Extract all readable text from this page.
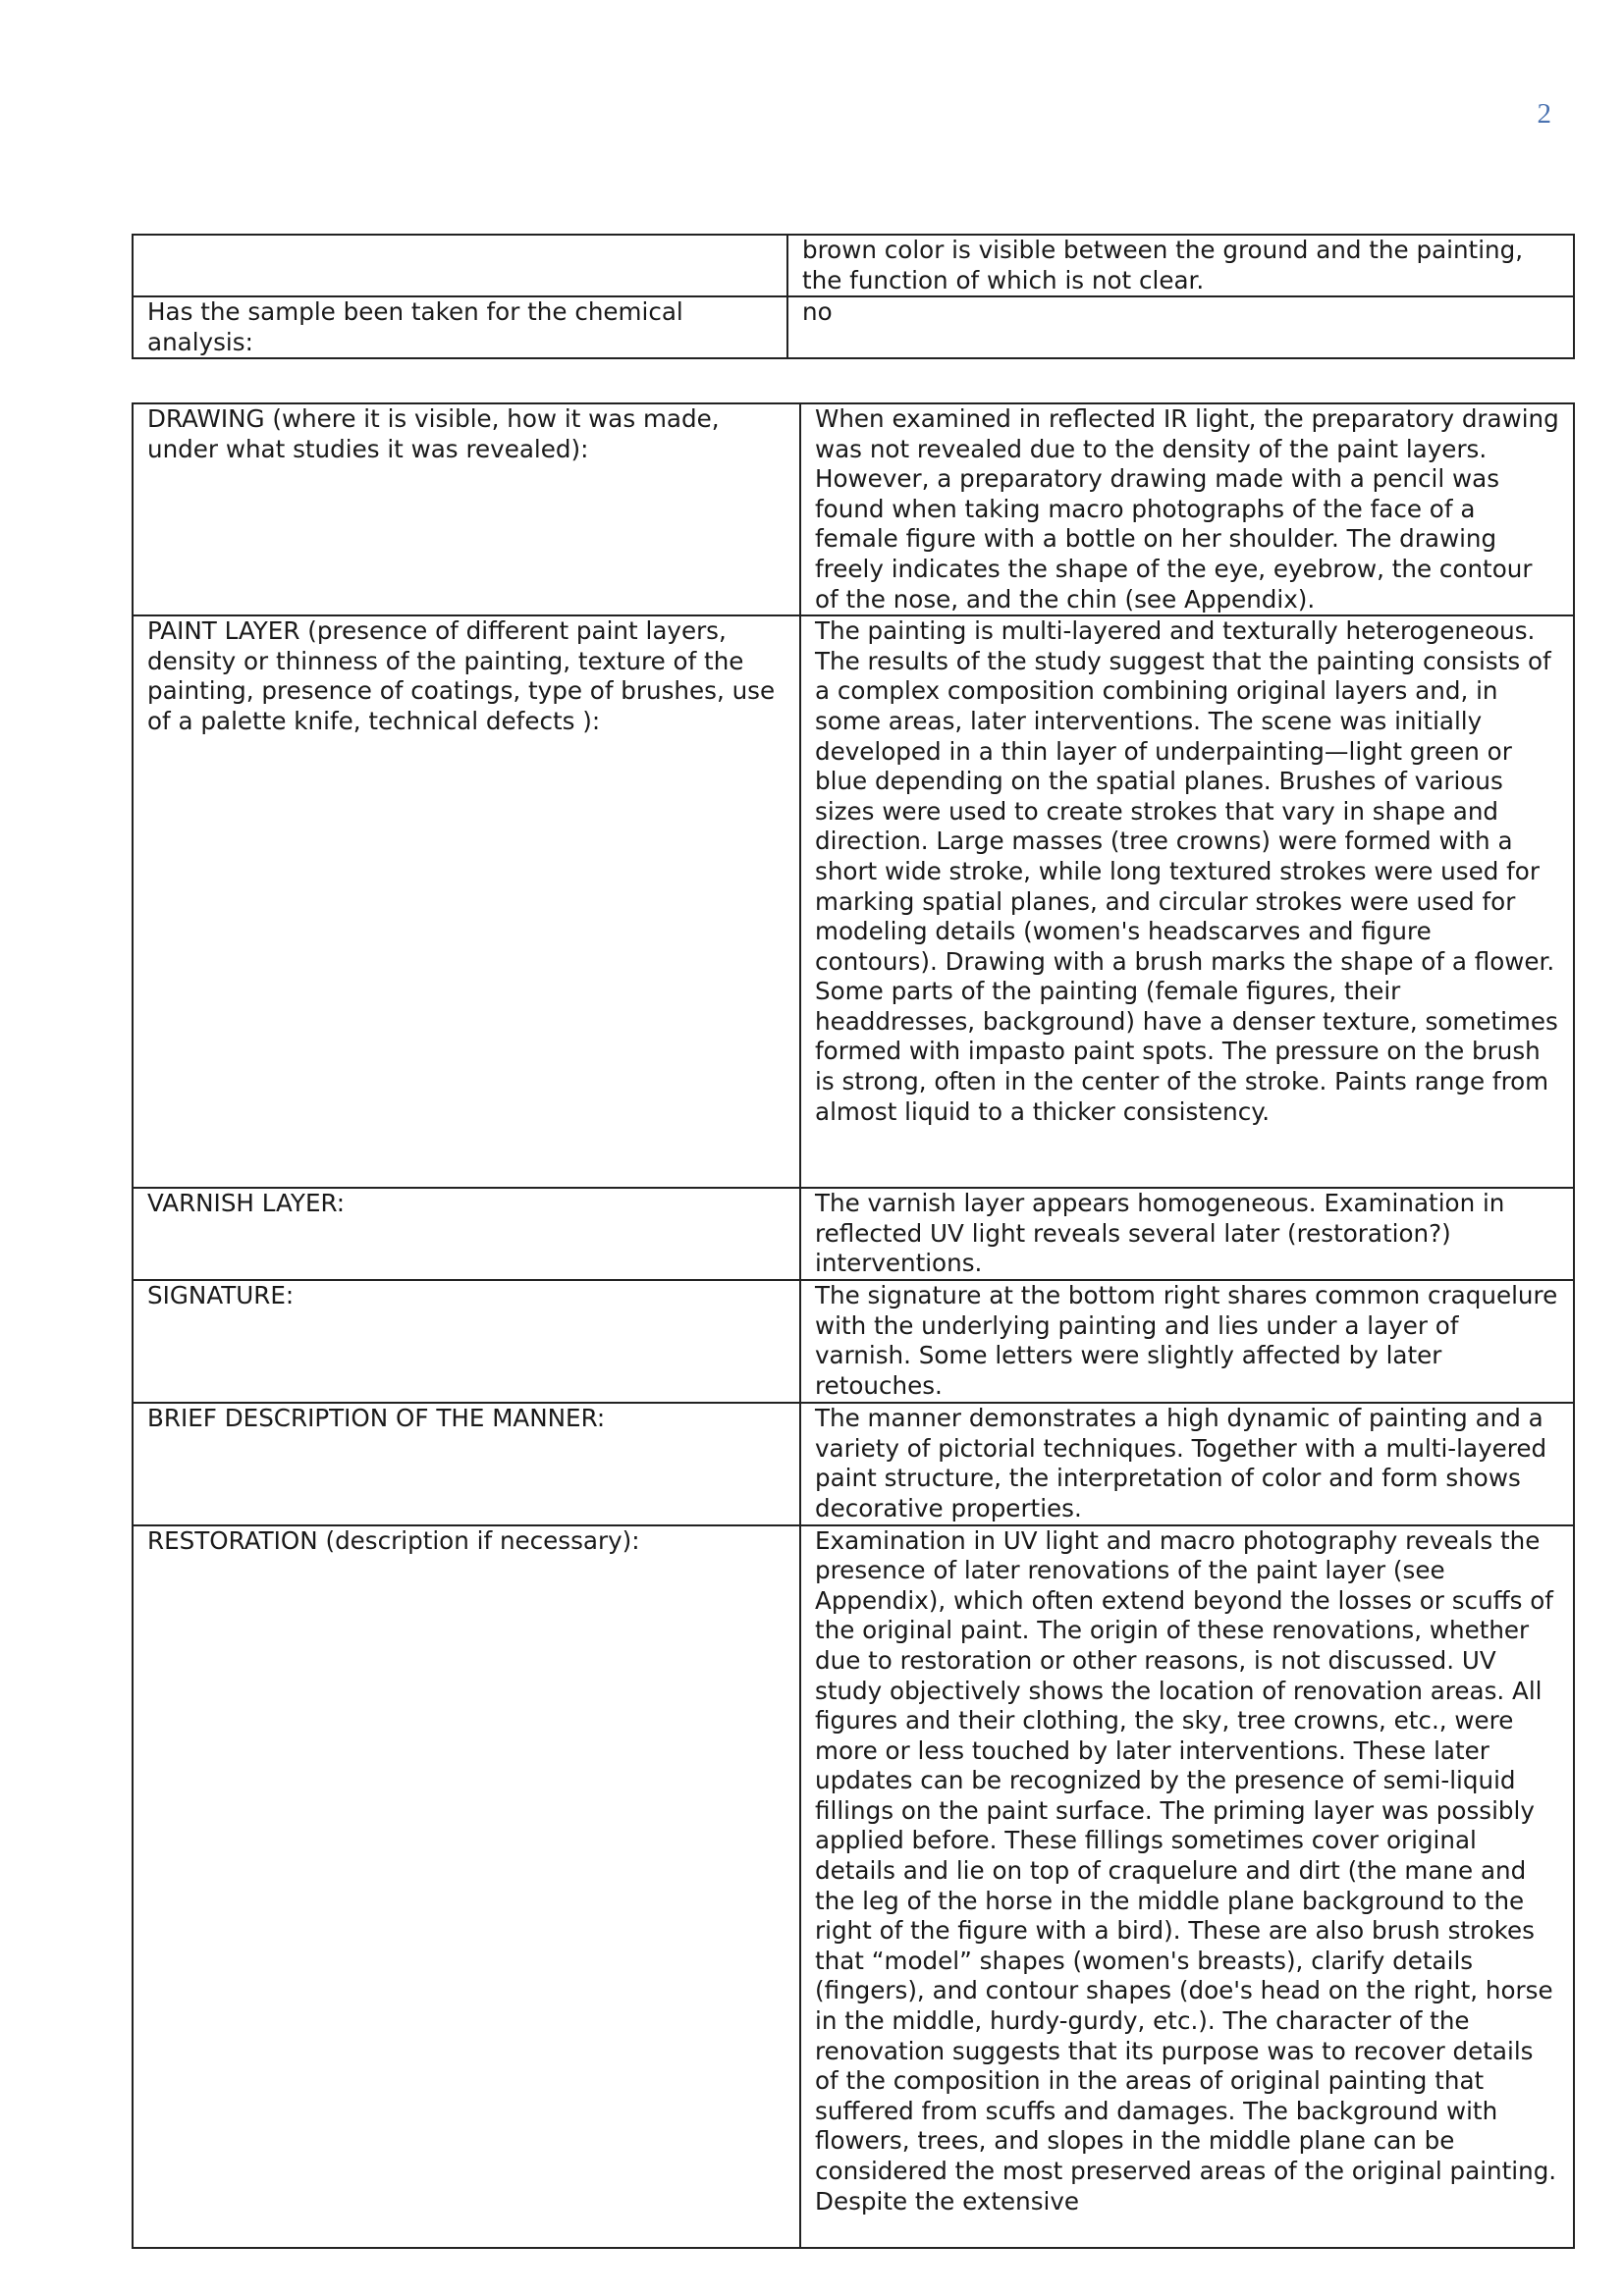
2
	brown color is visible between the ground and the painting, the function of which is not clear.
Has the sample been taken for the chemical analysis:	no
DRAWING (where it is visible, how it was made, under what studies it was revealed):	When examined in reflected IR light, the preparatory drawing was not revealed due to the density of the paint layers. However, a preparatory drawing made with a pencil was found when taking macro photographs of the face of a female figure with a bottle on her shoulder. The drawing freely indicates the shape of the eye, eyebrow, the contour of the nose, and the chin (see Appendix).
PAINT LAYER (presence of different paint layers, density or thinness of the painting, texture of the painting, presence of coatings, type of brushes, use of a palette knife, technical defects ):	The painting is multi-layered and texturally heterogeneous. The results of the study suggest that the painting consists of a complex composition combining original layers and, in some areas, later interventions. The scene was initially developed in a thin layer of underpainting—light green or blue depending on the spatial planes. Brushes of various sizes were used to create strokes that vary in shape and direction. Large masses (tree crowns) were formed with a short wide stroke, while long textured strokes were used for marking spatial planes, and circular strokes were used for modeling details (women's headscarves and figure contours). Drawing with a brush marks the shape of a flower. Some parts of the painting (female figures, their headdresses, background) have a denser texture, sometimes formed with impasto paint spots. The pressure on the brush is strong, often in the center of the stroke. Paints range from almost liquid to a thicker consistency.
VARNISH LAYER:	The varnish layer appears homogeneous. Examination in reflected UV light reveals several later (restoration?) interventions.
SIGNATURE:	The signature at the bottom right shares common craquelure with the underlying painting and lies under a layer of varnish. Some letters were slightly affected by later retouches.
BRIEF DESCRIPTION OF THE MANNER:	The manner demonstrates a high dynamic of painting and a variety of pictorial techniques. Together with a multi-layered paint structure, the interpretation of color and form shows decorative properties.
RESTORATION (description if necessary):	Examination in UV light and macro photography reveals the presence of later renovations of the paint layer (see Appendix), which often extend beyond the losses or scuffs of the original paint. The origin of these renovations, whether due to restoration or other reasons, is not discussed. UV study objectively shows the location of renovation areas. All figures and their clothing, the sky, tree crowns, etc., were more or less touched by later interventions. These later updates can be recognized by the presence of semi-liquid fillings on the paint surface. The priming layer was possibly applied before. These fillings sometimes cover original details and lie on top of craquelure and dirt (the mane and the leg of the horse in the middle plane background to the right of the figure with a bird). These are also brush strokes that “model” shapes (women's breasts), clarify details (fingers), and contour shapes (doe's head on the right, horse in the middle, hurdy-gurdy, etc.). The character of the renovation suggests that its purpose was to recover details of the composition in the areas of original painting that suffered from scuffs and damages. The background with flowers, trees, and slopes in the middle plane can be considered the most preserved areas of the original painting. Despite the extensive
